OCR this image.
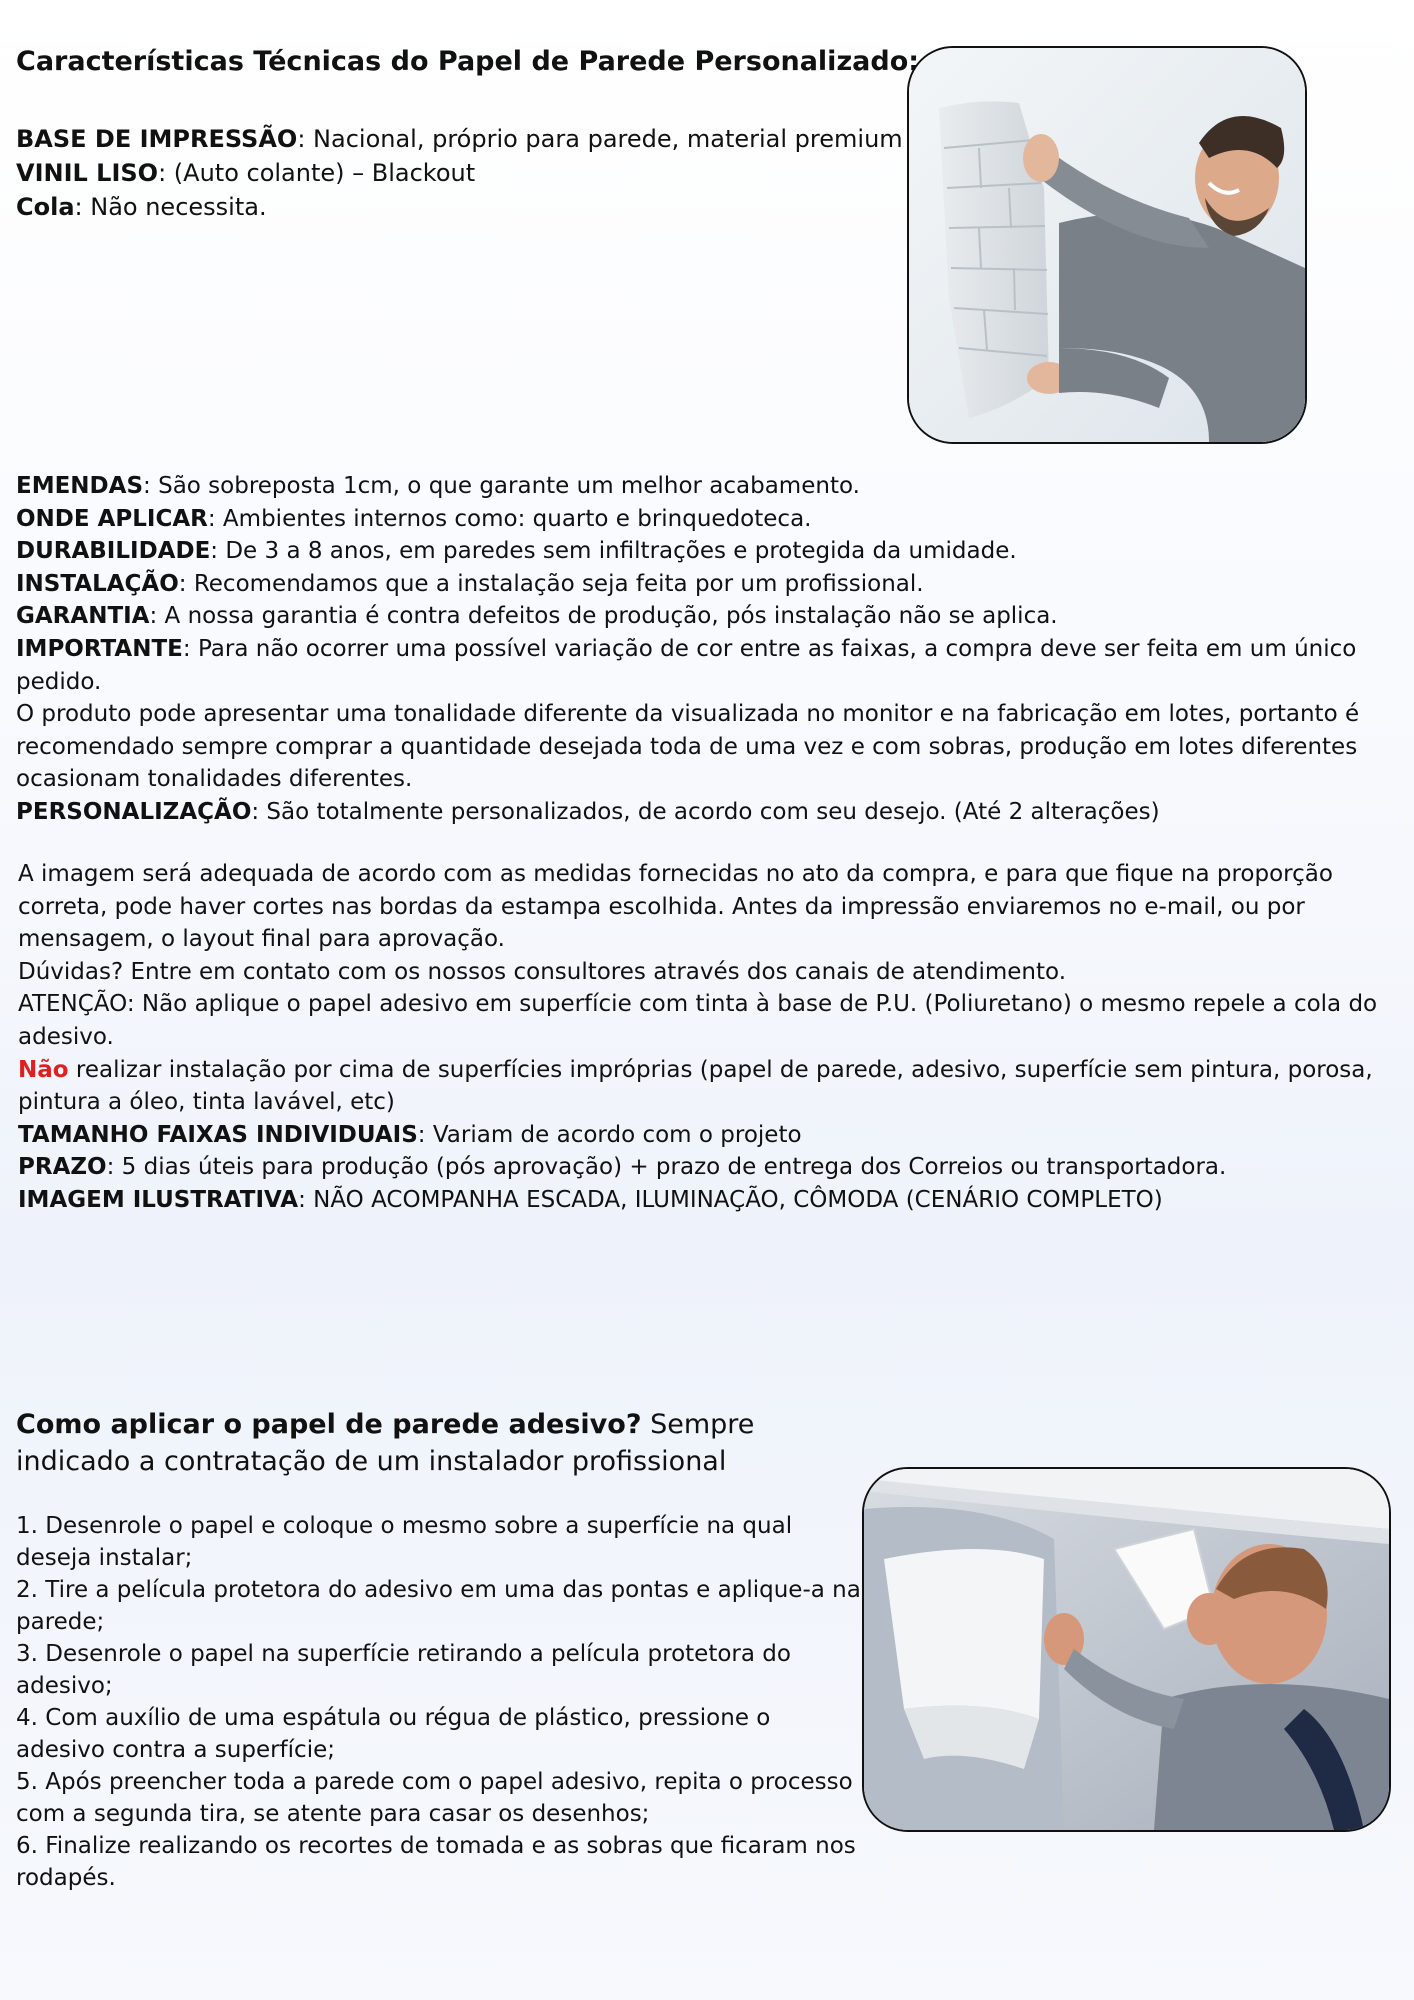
Características Técnicas do Papel de Parede Personalizado:

BASE DE IMPRESSÃO: Nacional, próprio para parede, material premium

VINIL LISO: (Auto colante) – Blackout

Cola: Não necessita.

EMENDAS: São sobreposta 1cm, o que garante um melhor acabamento.

ONDE APLICAR: Ambientes internos como: quarto e brinquedoteca.

DURABILIDADE: De 3 a 8 anos, em paredes sem infiltrações e protegida da umidade.

INSTALAÇÃO: Recomendamos que a instalação seja feita por um profissional.

GARANTIA: A nossa garantia é contra defeitos de produção, pós instalação não se aplica.

IMPORTANTE: Para não ocorrer uma possível variação de cor entre as faixas, a compra deve ser feita em um único pedido.

O produto pode apresentar uma tonalidade diferente da visualizada no monitor e na fabricação em lotes, portanto é recomendado sempre comprar a quantidade desejada toda de uma vez e com sobras, produção em lotes diferentes ocasionam tonalidades diferentes.

PERSONALIZAÇÃO: São totalmente personalizados, de acordo com seu desejo. (Até 2 alterações)

A imagem será adequada de acordo com as medidas fornecidas no ato da compra, e para que fique na proporção correta, pode haver cortes nas bordas da estampa escolhida. Antes da impressão enviaremos no e-mail, ou por mensagem, o layout final para aprovação.

Dúvidas? Entre em contato com os nossos consultores através dos canais de atendimento.

ATENÇÃO: Não aplique o papel adesivo em superfície com tinta à base de P.U. (Poliuretano) o mesmo repele a cola do adesivo.

Não realizar instalação por cima de superfícies impróprias (papel de parede, adesivo, superfície sem pintura, porosa, pintura a óleo, tinta lavável, etc)

TAMANHO FAIXAS INDIVIDUAIS: Variam de acordo com o projeto

PRAZO: 5 dias úteis para produção (pós aprovação) + prazo de entrega dos Correios ou transportadora.

IMAGEM ILUSTRATIVA: NÃO ACOMPANHA ESCADA, ILUMINAÇÃO, CÔMODA (CENÁRIO COMPLETO)

Como aplicar o papel de parede adesivo? Sempre indicado a contratação de um instalador profissional

1. Desenrole o papel e coloque o mesmo sobre a superfície na qual deseja instalar;

2. Tire a película protetora do adesivo em uma das pontas e aplique-a na parede;

3. Desenrole o papel na superfície retirando a película protetora do adesivo;

4. Com auxílio de uma espátula ou régua de plástico, pressione o adesivo contra a superfície;

5. Após preencher toda a parede com o papel adesivo, repita o processo com a segunda tira, se atente para casar os desenhos;

6. Finalize realizando os recortes de tomada e as sobras que ficaram nos rodapés.
